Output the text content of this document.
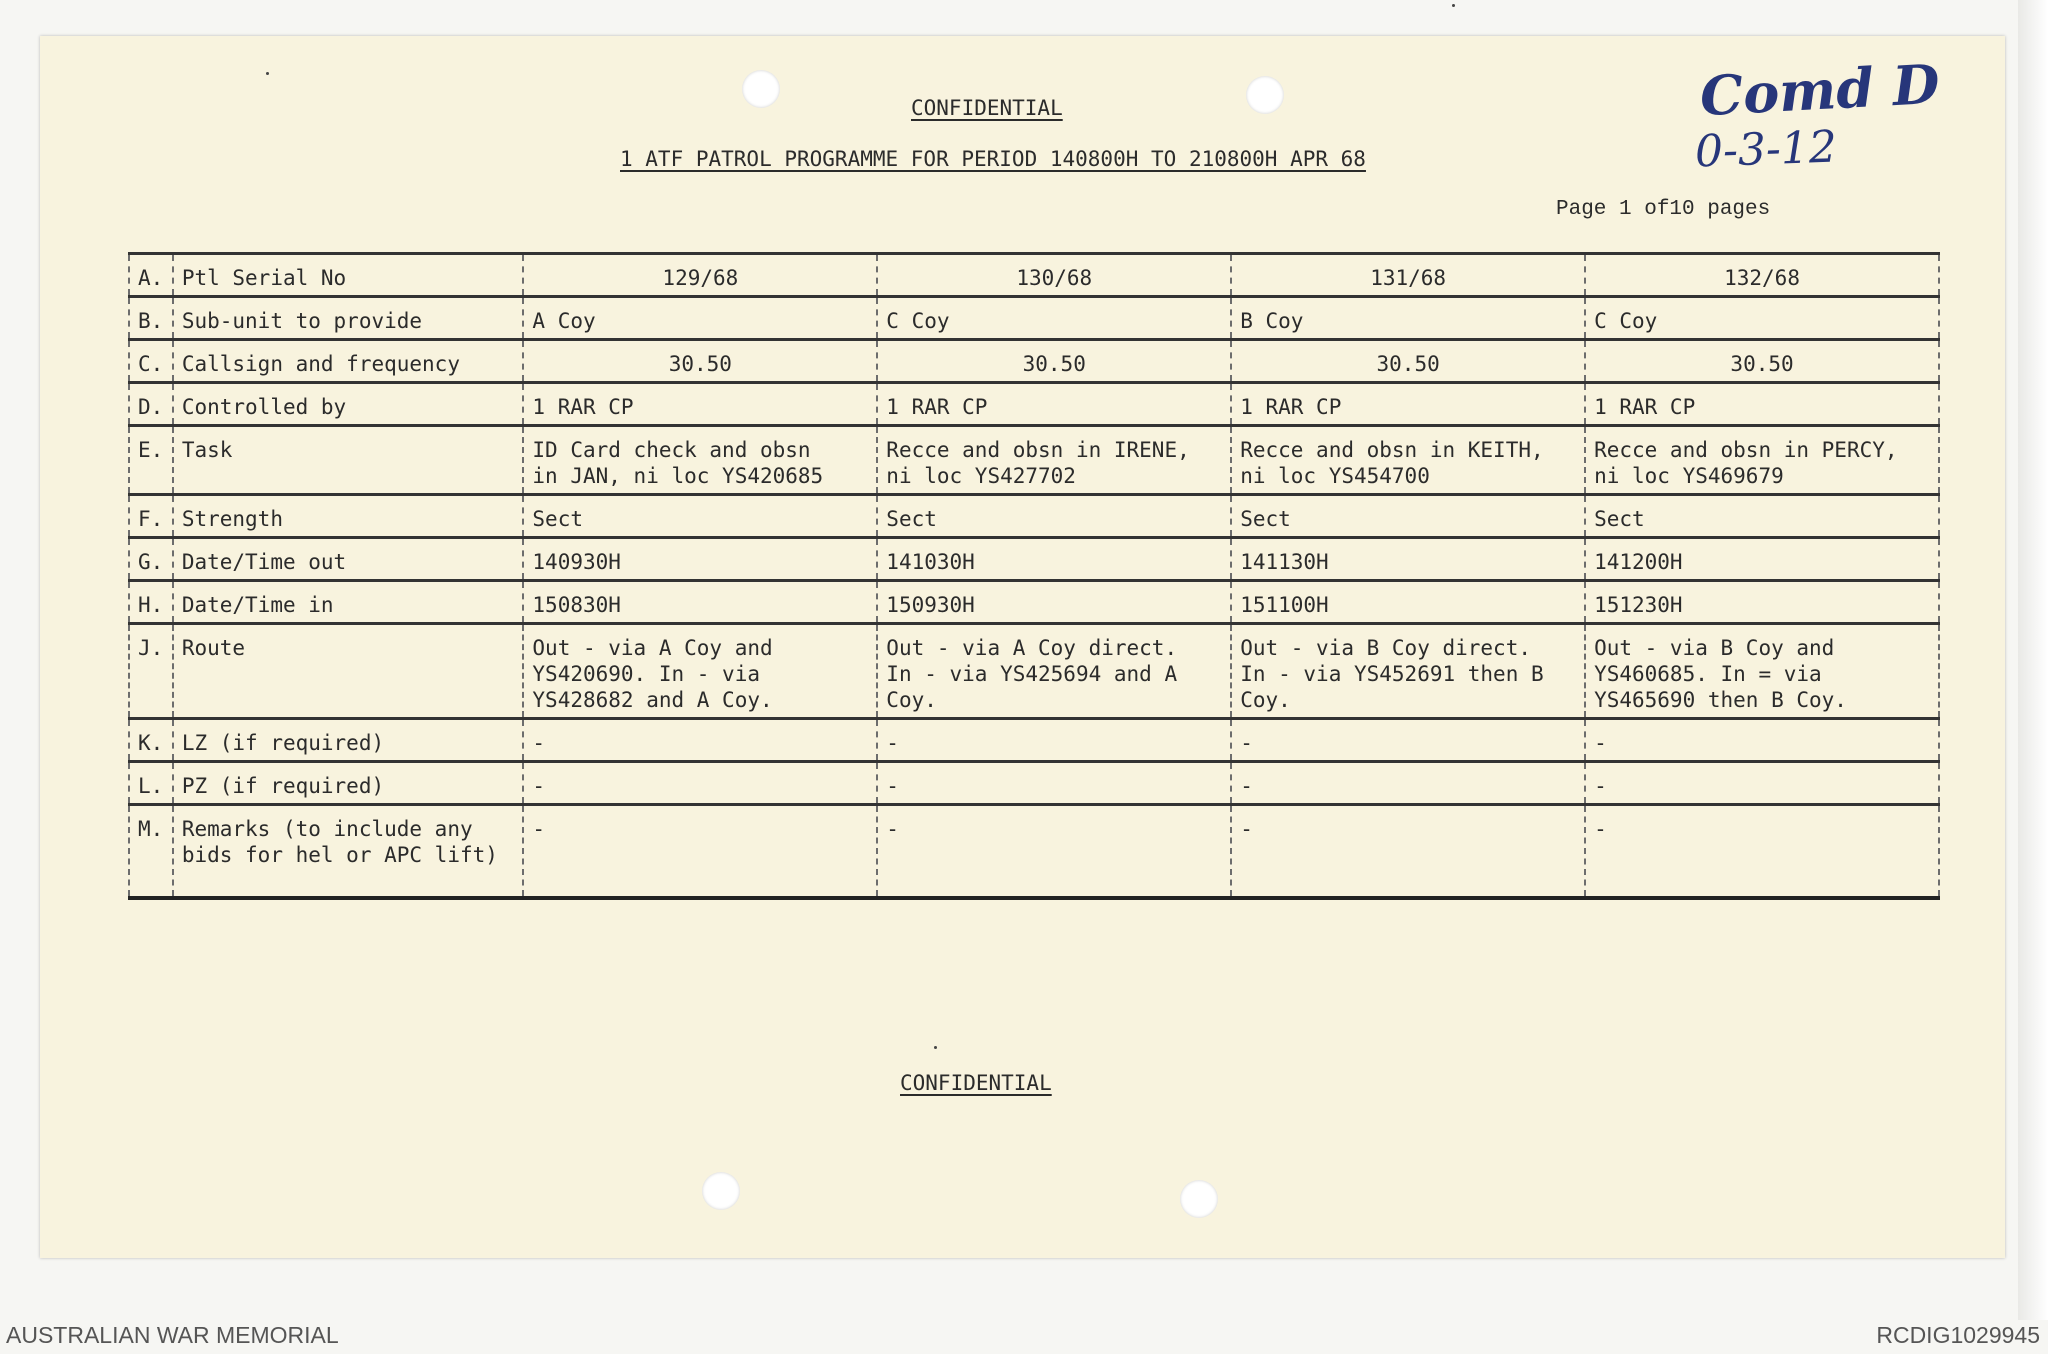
CONFIDENTIAL
1 ATF PATROL PROGRAMME FOR PERIOD 140800H TO 210800H APR 68
Page 1 of10 pages
Comd D
0-3-12
A.	Ptl Serial No	129/68	130/68	131/68	132/68
B.	Sub-unit to provide	A Coy	C Coy	B Coy	C Coy
C.	Callsign and frequency	30.50	30.50	30.50	30.50
D.	Controlled by	1 RAR CP	1 RAR CP	1 RAR CP	1 RAR CP
E.	Task	ID Card check and obsn
in JAN, ni loc YS420685	Recce and obsn in IRENE,
ni loc YS427702	Recce and obsn in KEITH,
ni loc YS454700	Recce and obsn in PERCY,
ni loc YS469679
F.	Strength	Sect	Sect	Sect	Sect
G.	Date/Time out	140930H	141030H	141130H	141200H
H.	Date/Time in	150830H	150930H	151100H	151230H
J.	Route	Out - via A Coy and
YS420690. In - via
YS428682 and A Coy.	Out - via A Coy direct.
In - via YS425694 and A
Coy.	Out - via B Coy direct.
In - via YS452691 then B
Coy.	Out - via B Coy and
YS460685. In = via
YS465690 then B Coy.
K.	LZ (if required)	-	-	-	-
L.	PZ (if required)	-	-	-	-
M.	Remarks (to include any
bids for hel or APC lift)	-	-	-	-
CONFIDENTIAL
AUSTRALIAN WAR MEMORIAL	RCDIG1029945
